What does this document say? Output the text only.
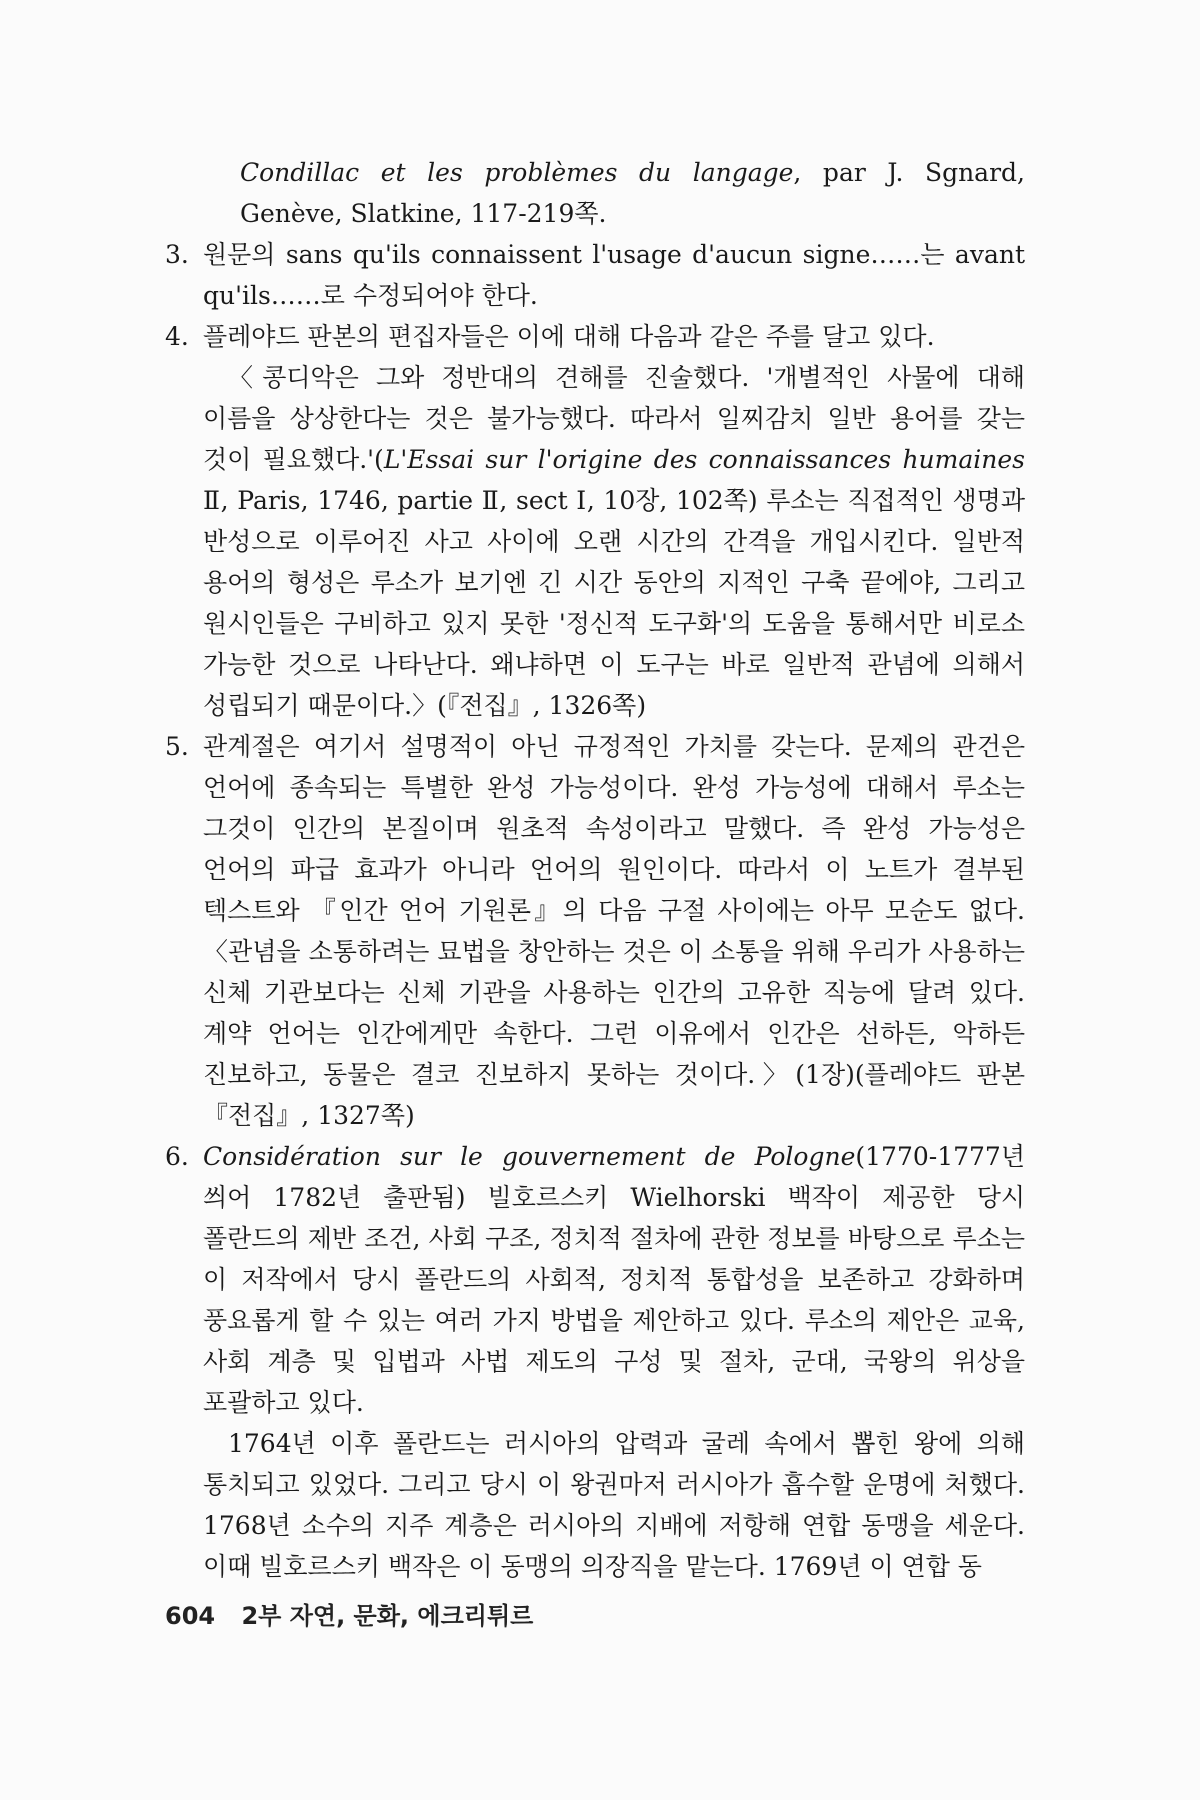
Condillac et les problèmes du langage, par J. Sgnard, Genève, Slatkine, 117-219쪽.

3. 원문의 sans qu'ils connaissent l'usage d'aucun signe……는 avant qu'ils……로 수정되어야 한다.

4. 플레야드 판본의 편집자들은 이에 대해 다음과 같은 주를 달고 있다.

〈콩디악은 그와 정반대의 견해를 진술했다. '개별적인 사물에 대해 이름을 상상한다는 것은 불가능했다. 따라서 일찌감치 일반 용어를 갖는 것이 필요했다.'(L'Essai sur l'origine des connaissances humaines Ⅱ, Paris, 1746, partie Ⅱ, sect Ⅰ, 10장, 102쪽) 루소는 직접적인 생명과 반성으로 이루어진 사고 사이에 오랜 시간의 간격을 개입시킨다. 일반적 용어의 형성은 루소가 보기엔 긴 시간 동안의 지적인 구축 끝에야, 그리고 원시인들은 구비하고 있지 못한 '정신적 도구화'의 도움을 통해서만 비로소 가능한 것으로 나타난다. 왜냐하면 이 도구는 바로 일반적 관념에 의해서 성립되기 때문이다.〉(『전집』, 1326쪽)

5. 관계절은 여기서 설명적이 아닌 규정적인 가치를 갖는다. 문제의 관건은 언어에 종속되는 특별한 완성 가능성이다. 완성 가능성에 대해서 루소는 그것이 인간의 본질이며 원초적 속성이라고 말했다. 즉 완성 가능성은 언어의 파급 효과가 아니라 언어의 원인이다. 따라서 이 노트가 결부된 텍스트와 『인간 언어 기원론』의 다음 구절 사이에는 아무 모순도 없다. 〈관념을 소통하려는 묘법을 창안하는 것은 이 소통을 위해 우리가 사용하는 신체 기관보다는 신체 기관을 사용하는 인간의 고유한 직능에 달려 있다. 계약 언어는 인간에게만 속한다. 그런 이유에서 인간은 선하든, 악하든 진보하고, 동물은 결코 진보하지 못하는 것이다.〉(1장)(플레야드 판본 『전집』, 1327쪽)

6. Considération sur le gouvernement de Pologne(1770-1777년 씌어 1782년 출판됨) 빌호르스키 Wielhorski 백작이 제공한 당시 폴란드의 제반 조건, 사회 구조, 정치적 절차에 관한 정보를 바탕으로 루소는 이 저작에서 당시 폴란드의 사회적, 정치적 통합성을 보존하고 강화하며 풍요롭게 할 수 있는 여러 가지 방법을 제안하고 있다. 루소의 제안은 교육, 사회 계층 및 입법과 사법 제도의 구성 및 절차, 군대, 국왕의 위상을 포괄하고 있다.

1764년 이후 폴란드는 러시아의 압력과 굴레 속에서 뽑힌 왕에 의해 통치되고 있었다. 그리고 당시 이 왕권마저 러시아가 흡수할 운명에 처했다. 1768년 소수의 지주 계층은 러시아의 지배에 저항해 연합 동맹을 세운다. 이때 빌호르스키 백작은 이 동맹의 의장직을 맡는다. 1769년 이 연합 동

604 2부 자연, 문화, 에크리튀르
